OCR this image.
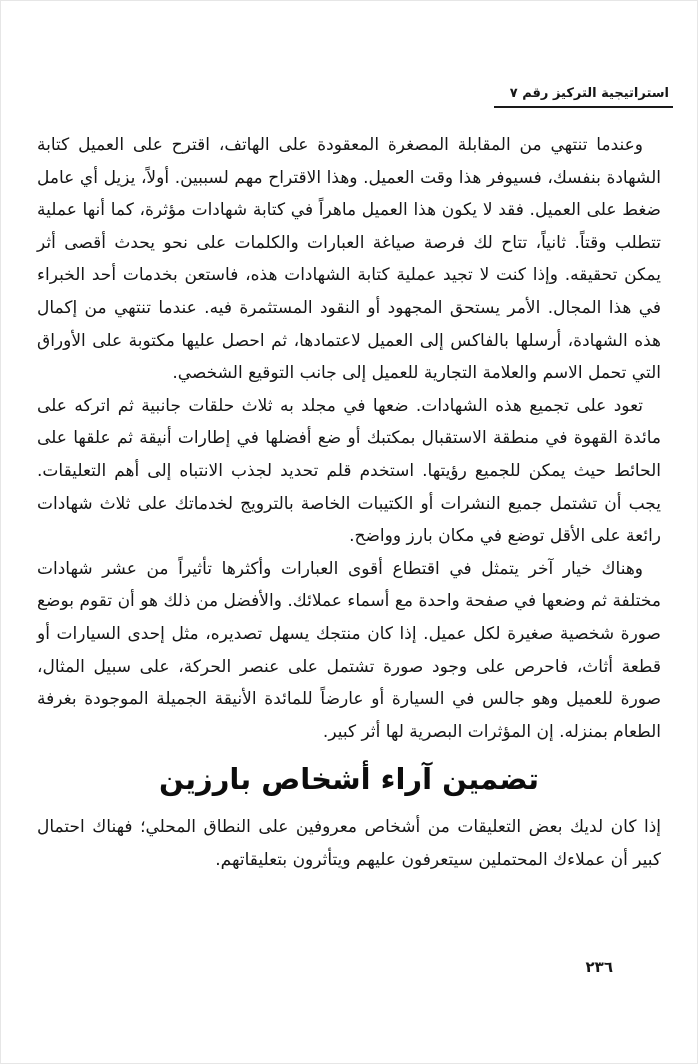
استراتيجية التركيز رقم ٧

وعندما تنتهي من المقابلة المصغرة المعقودة على الهاتف، اقترح على العميل كتابة الشهادة بنفسك، فسيوفر هذا وقت العميل. وهذا الاقتراح مهم لسببين. أولاً، يزيل أي عامل ضغط على العميل. فقد لا يكون هذا العميل ماهراً في كتابة شهادات مؤثرة، كما أنها عملية تتطلب وقتاً. ثانياً، تتاح لك فرصة صياغة العبارات والكلمات على نحو يحدث أقصى أثر يمكن تحقيقه. وإذا كنت لا تجيد عملية كتابة الشهادات هذه، فاستعن بخدمات أحد الخبراء في هذا المجال. الأمر يستحق المجهود أو النقود المستثمرة فيه. عندما تنتهي من إكمال هذه الشهادة، أرسلها بالفاكس إلى العميل لاعتمادها، ثم احصل عليها مكتوبة على الأوراق التي تحمل الاسم والعلامة التجارية للعميل إلى جانب التوقيع الشخصي.

تعود على تجميع هذه الشهادات. ضعها في مجلد به ثلاث حلقات جانبية ثم اتركه على مائدة القهوة في منطقة الاستقبال بمكتبك أو ضع أفضلها في إطارات أنيقة ثم علقها على الحائط حيث يمكن للجميع رؤيتها. استخدم قلم تحديد لجذب الانتباه إلى أهم التعليقات. يجب أن تشتمل جميع النشرات أو الكتيبات الخاصة بالترويج لخدماتك على ثلاث شهادات رائعة على الأقل توضع في مكان بارز وواضح.

وهناك خيار آخر يتمثل في اقتطاع أقوى العبارات وأكثرها تأثيراً من عشر شهادات مختلفة ثم وضعها في صفحة واحدة مع أسماء عملائك. والأفضل من ذلك هو أن تقوم بوضع صورة شخصية صغيرة لكل عميل. إذا كان منتجك يسهل تصديره، مثل إحدى السيارات أو قطعة أثاث، فاحرص على وجود صورة تشتمل على عنصر الحركة، على سبيل المثال، صورة للعميل وهو جالس في السيارة أو عارضاً للمائدة الأنيقة الجميلة الموجودة بغرفة الطعام بمنزله. إن المؤثرات البصرية لها أثر كبير.

تضمين آراء أشخاص بارزين

إذا كان لديك بعض التعليقات من أشخاص معروفين على النطاق المحلي؛ فهناك احتمال كبير أن عملاءك المحتملين سيتعرفون عليهم ويتأثرون بتعليقاتهم.

٢٣٦
